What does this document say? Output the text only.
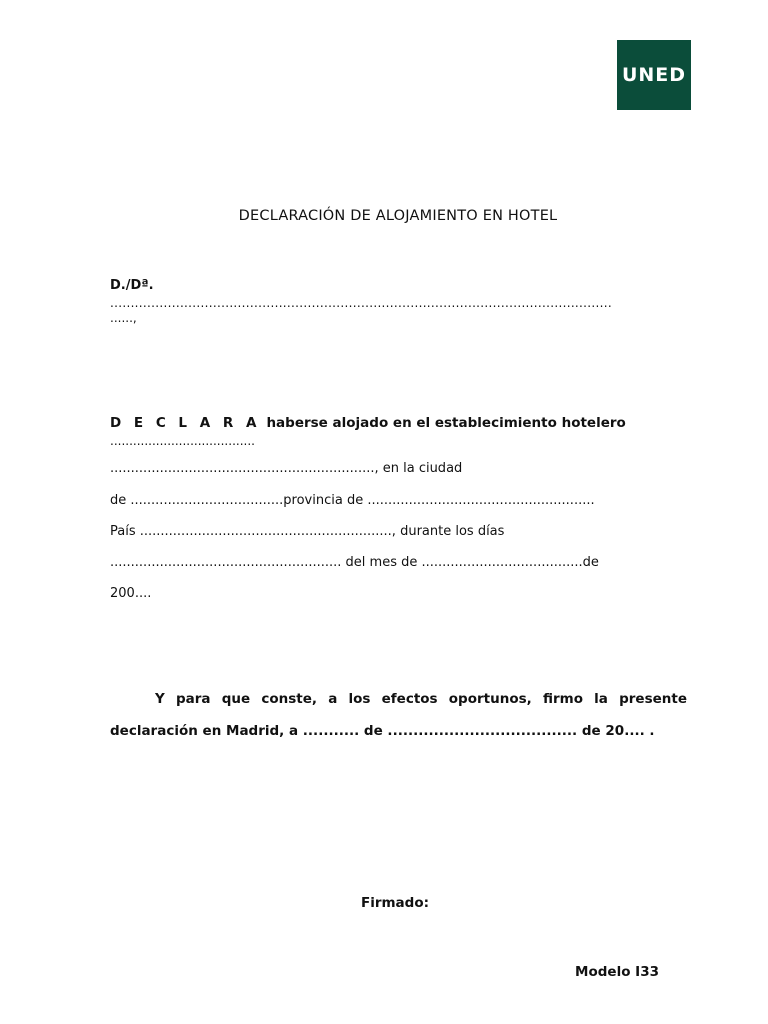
UNED
DECLARACIÓN DE ALOJAMIENTO EN HOTEL
D./Dª.
..........................................................................................................................
......,
D E C L A R A haberse alojado en el establecimiento hotelero
......................................
................................................................, en la ciudad
de .....................................provincia de .......................................................
País ............................................................., durante los días
........................................................ del mes de .......................................de
200....
Y para que conste, a los efectos oportunos, firmo la presente
declaración en Madrid, a ........... de ..................................... de 20.... .
Firmado:
Modelo I33
